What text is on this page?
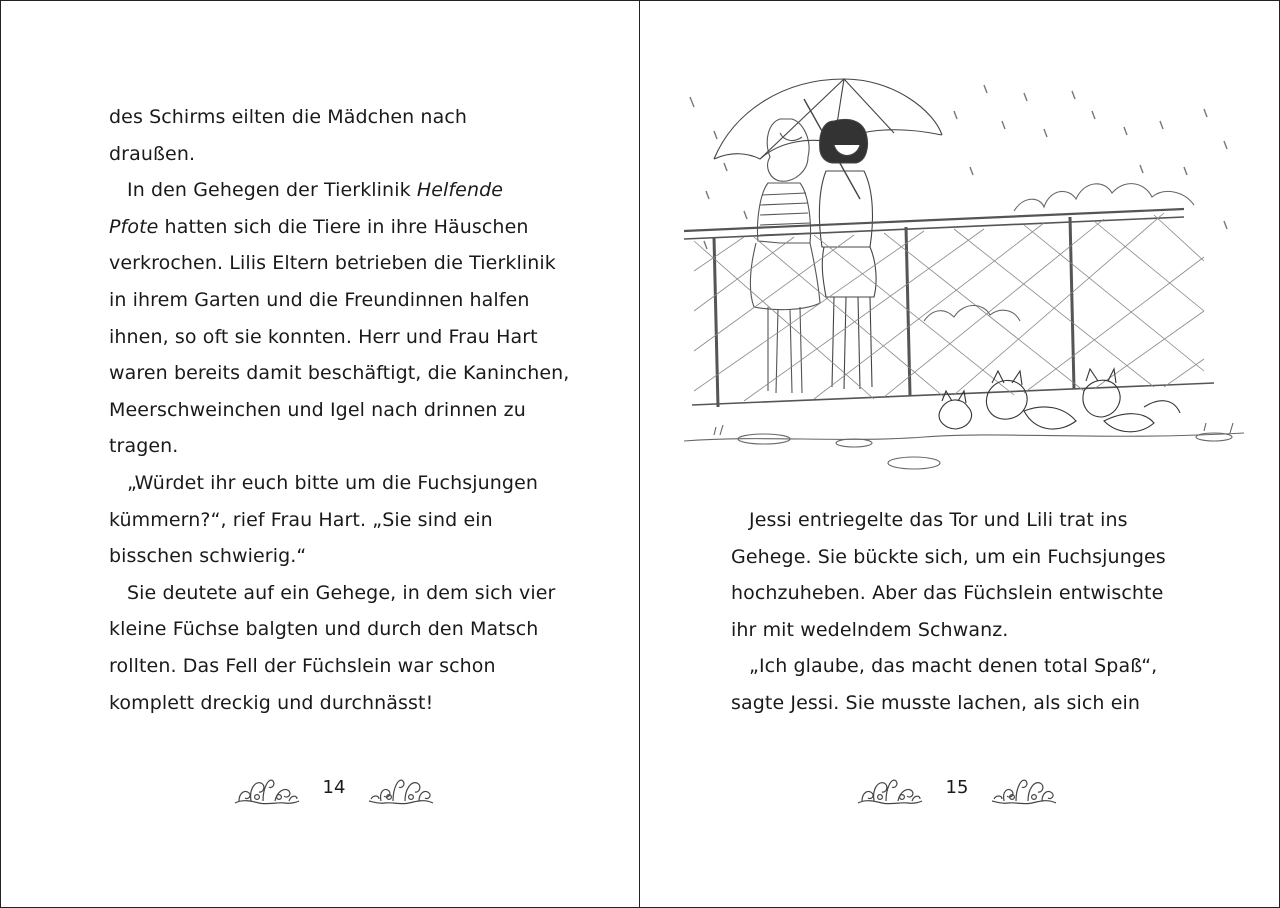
des Schirms eilten die Mädchen nach
draußen.
In den Gehegen der Tierklinik Helfende
Pfote hatten sich die Tiere in ihre Häuschen
verkrochen. Lilis Eltern betrieben die Tierklinik
in ihrem Garten und die Freundinnen halfen
ihnen, so oft sie konnten. Herr und Frau Hart
waren bereits damit beschäftigt, die Kaninchen,
Meerschweinchen und Igel nach drinnen zu
tragen.
„Würdet ihr euch bitte um die Fuchsjungen
kümmern?“, rief Frau Hart. „Sie sind ein
bisschen schwierig.“
Sie deutete auf ein Gehege, in dem sich vier
kleine Füchse balgten und durch den Matsch
rollten. Das Fell der Füchslein war schon
komplett dreckig und durchnässt!
14
Jessi entriegelte das Tor und Lili trat ins
Gehege. Sie bückte sich, um ein Fuchsjunges
hochzuheben. Aber das Füchslein entwischte
ihr mit wedelndem Schwanz.
„Ich glaube, das macht denen total Spaß“,
sagte Jessi. Sie musste lachen, als sich ein
15
